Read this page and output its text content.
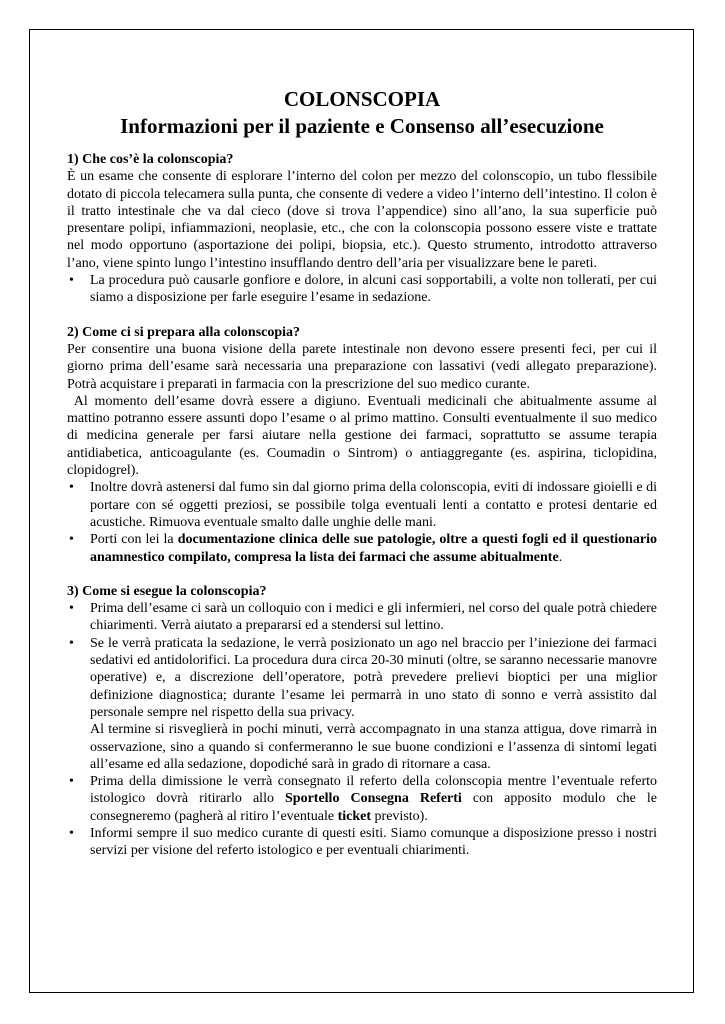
COLONSCOPIA
Informazioni per il paziente e Consenso all’esecuzione

1) Che cos’è la colonscopia?

È un esame che consente di esplorare l’interno del colon per mezzo del colonscopio, un tubo flessibile dotato di piccola telecamera sulla punta, che consente di vedere a video l’interno dell’intestino. Il colon è il tratto intestinale che va dal cieco (dove si trova l’appendice) sino all’ano, la sua superficie può presentare polipi, infiammazioni, neoplasie, etc., che con la colonscopia possono essere viste e trattate nel modo opportuno (asportazione dei polipi, biopsia, etc.). Questo strumento, introdotto attraverso l’ano, viene spinto lungo l’intestino insufflando dentro dell’aria per visualizzare bene le pareti.

• La procedura può causarle gonfiore e dolore, in alcuni casi sopportabili, a volte non tollerati, per cui siamo a disposizione per farle eseguire l’esame in sedazione.

2) Come ci si prepara alla colonscopia?

Per consentire una buona visione della parete intestinale non devono essere presenti feci, per cui il giorno prima dell’esame sarà necessaria una preparazione con lassativi (vedi allegato preparazione). Potrà acquistare i preparati in farmacia con la prescrizione del suo medico curante.

Al momento dell’esame dovrà essere a digiuno. Eventuali medicinali che abitualmente assume al mattino potranno essere assunti dopo l’esame o al primo mattino. Consulti eventualmente il suo medico di medicina generale per farsi aiutare nella gestione dei farmaci, soprattutto se assume terapia antidiabetica, anticoagulante (es. Coumadin o Sintrom) o antiaggregante (es. aspirina, ticlopidina, clopidogrel).

• Inoltre dovrà astenersi dal fumo sin dal giorno prima della colonscopia, eviti di indossare gioielli e di portare con sé oggetti preziosi, se possibile tolga eventuali lenti a contatto e protesi dentarie ed acustiche. Rimuova eventuale smalto dalle unghie delle mani.
• Porti con lei la documentazione clinica delle sue patologie, oltre a questi fogli ed il questionario anamnestico compilato, compresa la lista dei farmaci che assume abitualmente.

3) Come si esegue la colonscopia?

• Prima dell’esame ci sarà un colloquio con i medici e gli infermieri, nel corso del quale potrà chiedere chiarimenti. Verrà aiutato a prepararsi ed a stendersi sul lettino.
• Se le verrà praticata la sedazione, le verrà posizionato un ago nel braccio per l’iniezione dei farmaci sedativi ed antidolorifici. La procedura dura circa 20-30 minuti (oltre, se saranno necessarie manovre operative) e, a discrezione dell’operatore, potrà prevedere prelievi bioptici per una miglior definizione diagnostica; durante l’esame lei permarrà in uno stato di sonno e verrà assistito dal personale sempre nel rispetto della sua privacy.
Al termine si risveglierà in pochi minuti, verrà accompagnato in una stanza attigua, dove rimarrà in osservazione, sino a quando si confermeranno le sue buone condizioni e l’assenza di sintomi legati all’esame ed alla sedazione, dopodiché sarà in grado di ritornare a casa.
• Prima della dimissione le verrà consegnato il referto della colonscopia mentre l’eventuale referto istologico dovrà ritirarlo allo Sportello Consegna Referti con apposito modulo che le consegneremo (pagherà al ritiro l’eventuale ticket previsto).
• Informi sempre il suo medico curante di questi esiti. Siamo comunque a disposizione presso i nostri servizi per visione del referto istologico e per eventuali chiarimenti.
